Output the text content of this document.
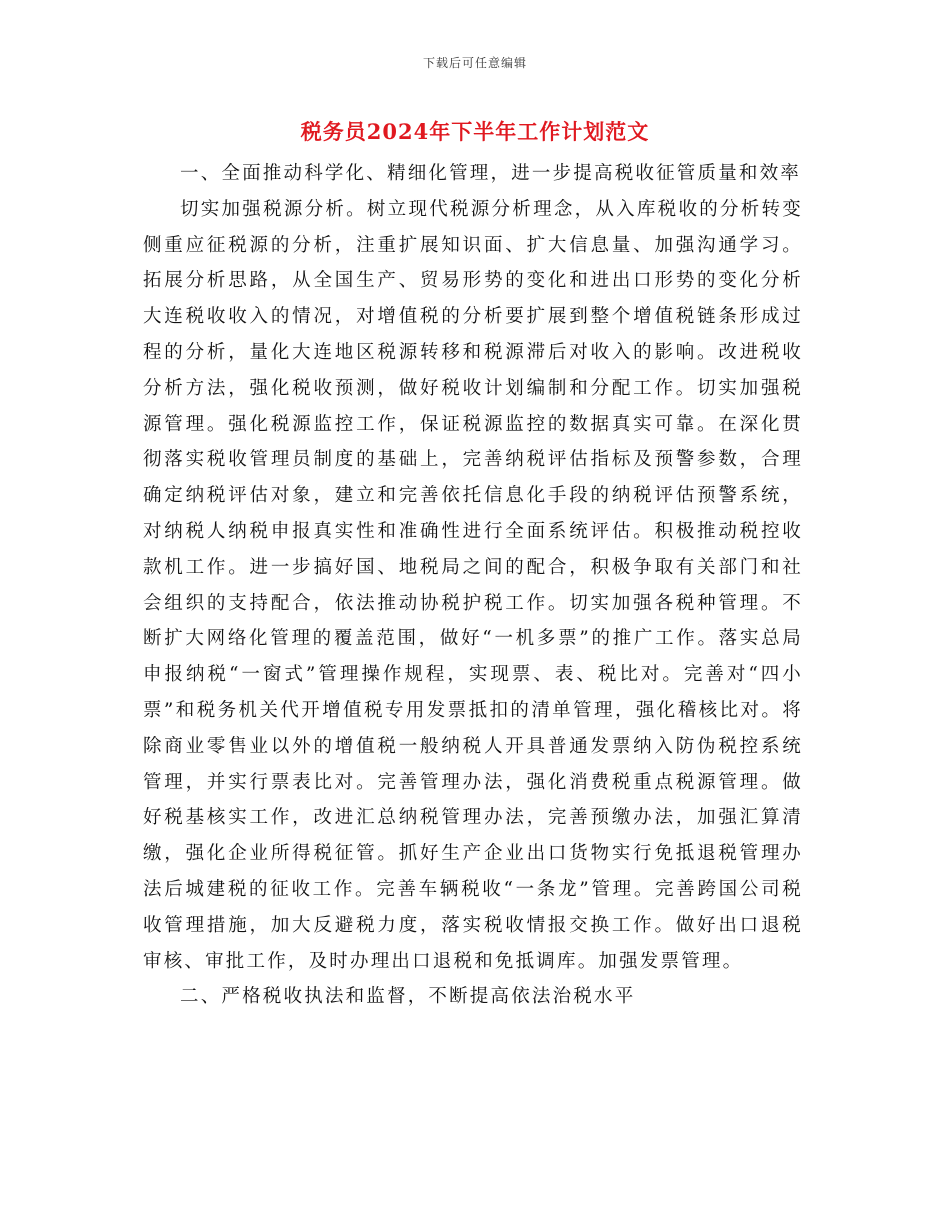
下载后可任意编辑
税务员2024年下半年工作计划范文

一、全面推动科学化、精细化管理，进一步提高税收征管质量和效率

切实加强税源分析。树立现代税源分析理念，从入库税收的分析转变侧重应征税源的分析，注重扩展知识面、扩大信息量、加强沟通学习。拓展分析思路，从全国生产、贸易形势的变化和进出口形势的变化分析大连税收收入的情况，对增值税的分析要扩展到整个增值税链条形成过程的分析，量化大连地区税源转移和税源滞后对收入的影响。改进税收分析方法，强化税收预测，做好税收计划编制和分配工作。切实加强税源管理。强化税源监控工作，保证税源监控的数据真实可靠。在深化贯彻落实税收管理员制度的基础上，完善纳税评估指标及预警参数，合理确定纳税评估对象，建立和完善依托信息化手段的纳税评估预警系统，对纳税人纳税申报真实性和准确性进行全面系统评估。积极推动税控收款机工作。进一步搞好国、地税局之间的配合，积极争取有关部门和社会组织的支持配合，依法推动协税护税工作。切实加强各税种管理。不断扩大网络化管理的覆盖范围，做好“一机多票”的推广工作。落实总局申报纳税“一窗式”管理操作规程，实现票、表、税比对。完善对“四小票”和税务机关代开增值税专用发票抵扣的清单管理，强化稽核比对。将除商业零售业以外的增值税一般纳税人开具普通发票纳入防伪税控系统管理，并实行票表比对。完善管理办法，强化消费税重点税源管理。做好税基核实工作，改进汇总纳税管理办法，完善预缴办法，加强汇算清缴，强化企业所得税征管。抓好生产企业出口货物实行免抵退税管理办法后城建税的征收工作。完善车辆税收“一条龙”管理。完善跨国公司税收管理措施，加大反避税力度，落实税收情报交换工作。做好出口退税审核、审批工作，及时办理出口退税和免抵调库。加强发票管理。

二、严格税收执法和监督，不断提高依法治税水平
